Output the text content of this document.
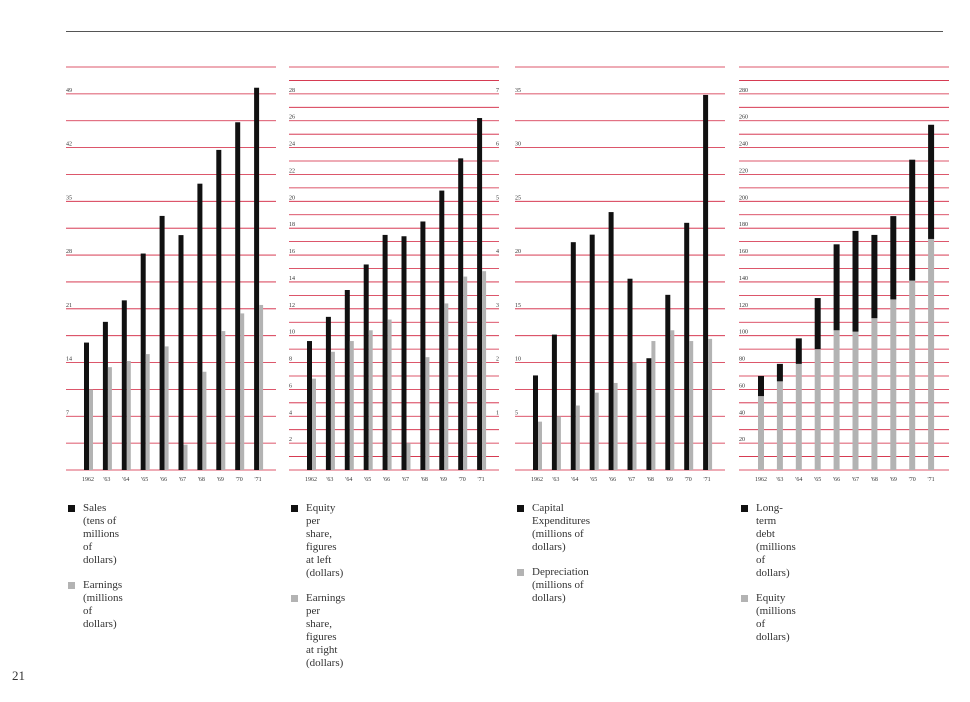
7
14
21
28
35
42
49
1962 '63 '64 '65 '66 '67 '68 '69 '70 '71
Sales
(tens of millions of dollars)
Earnings
(millions of dollars)
2
4
6
8
10
12
14
16
18
20
22
24
26
28
1
2
3
4
5
6
7
1962 '63 '64 '65 '66 '67 '68 '69 '70 '71
Equity per share,
figures at left (dollars)
Earnings per share,
figures at right (dollars)
5
10
15
20
25
30
35
1962 '63 '64 '65 '66 '67 '68 '69 '70 '71
Capital Expenditures
(millions of dollars)
Depreciation
(millions of dollars)
20
40
60
80
100
120
140
160
180
200
220
240
260
280
1962 '63 '64 '65 '66 '67 '68 '69 '70 '71
Long-term debt
(millions of dollars)
Equity
(millions of dollars)
21
